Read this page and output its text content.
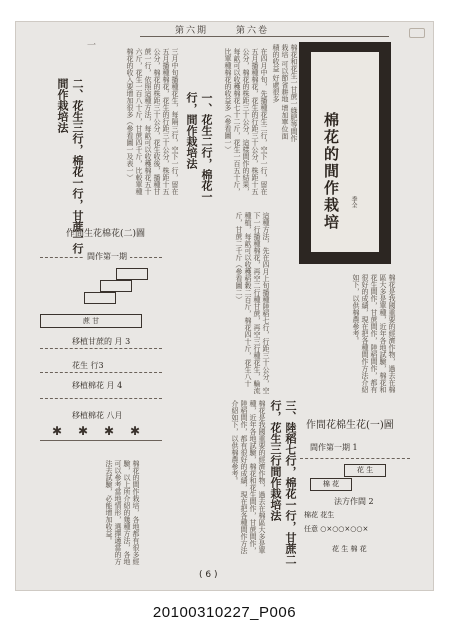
第六卷
第六期
棉花和花生一甘蔗一綠肥等間作栽培 可以節省耕地 增加單位面積的收益 好處很多
棉花的間作栽培	季全
棉花是我國重要的經濟作物，過去在棉區大多是單種，近年各地試驗，棉花和花生間作，甘蔗間作，陸稻間作，都有很好的成績，現在把各種間作方法介紹如下，以供棉農參考。
在四月中旬，先播種花生二行，空下一行，留在五月播種棉花，花生的行距三十公分，株距十五公分，棉花的株距三十公分，這樣間作的結果，每畝可以收穫棉花七十二斤，花生一百五十斤，比單種棉花的收益多（參看圖一）
一、花生二行，棉花一行，間作栽培法
三月中旬播種花生，每隔三行，空下一行，留在五月播種棉花，花生的行距三十公分，株距十五公分，棉花的株距三十公分，花生收後，播種甘蔗一行，依照這種方法，每畝可以收穫棉花五十六斤，花生一百八十斤，甘蔗四千斤，比較單種棉花的收入要增加很多（參看圖一及表一）
二、花生三行，棉花一行，甘蔗一行間作栽培法
一
作間生花棉花(二)圖
間作第一期
蔗 甘
移植甘蔗的 月 3
花生 行3
移植棉花 月 4
移植棉花 八月
✱ ✱ ✱ ✱
這種方法，先在四月上旬播種陸稻七行，行距三十公分，空下一行播種棉花，再空二行種甘蔗，再空三行種花生，輪流種植，每畝可以收穫稻穀二百斤，棉花四十斤，花生八十斤，甘蔗二千斤（參看圖二）
棉花是我國重要的經濟作物，過去在棉區大多是單種，近年各地試驗，棉花和花生間作，甘蔗間作，陸稻間作，都有很好的成績，現在把各種間作方法介紹如下，以供棉農參考。
棉花的間作栽培，各地都有很多經驗，以上所介紹的幾種方法，各地可以參考當地情形，選擇適當的方法去試驗，必能增加收益。	三、陸稻七行，棉花一行，甘蔗二行，花生三行間作栽培法	作間花棉生花(一)圖
間作第一期 1
花 生
棉 花
法方作間 2
棉花 花生
任意 ○×○○×○○×
花 生 棉 花
( 6 )
20100310227_P006
